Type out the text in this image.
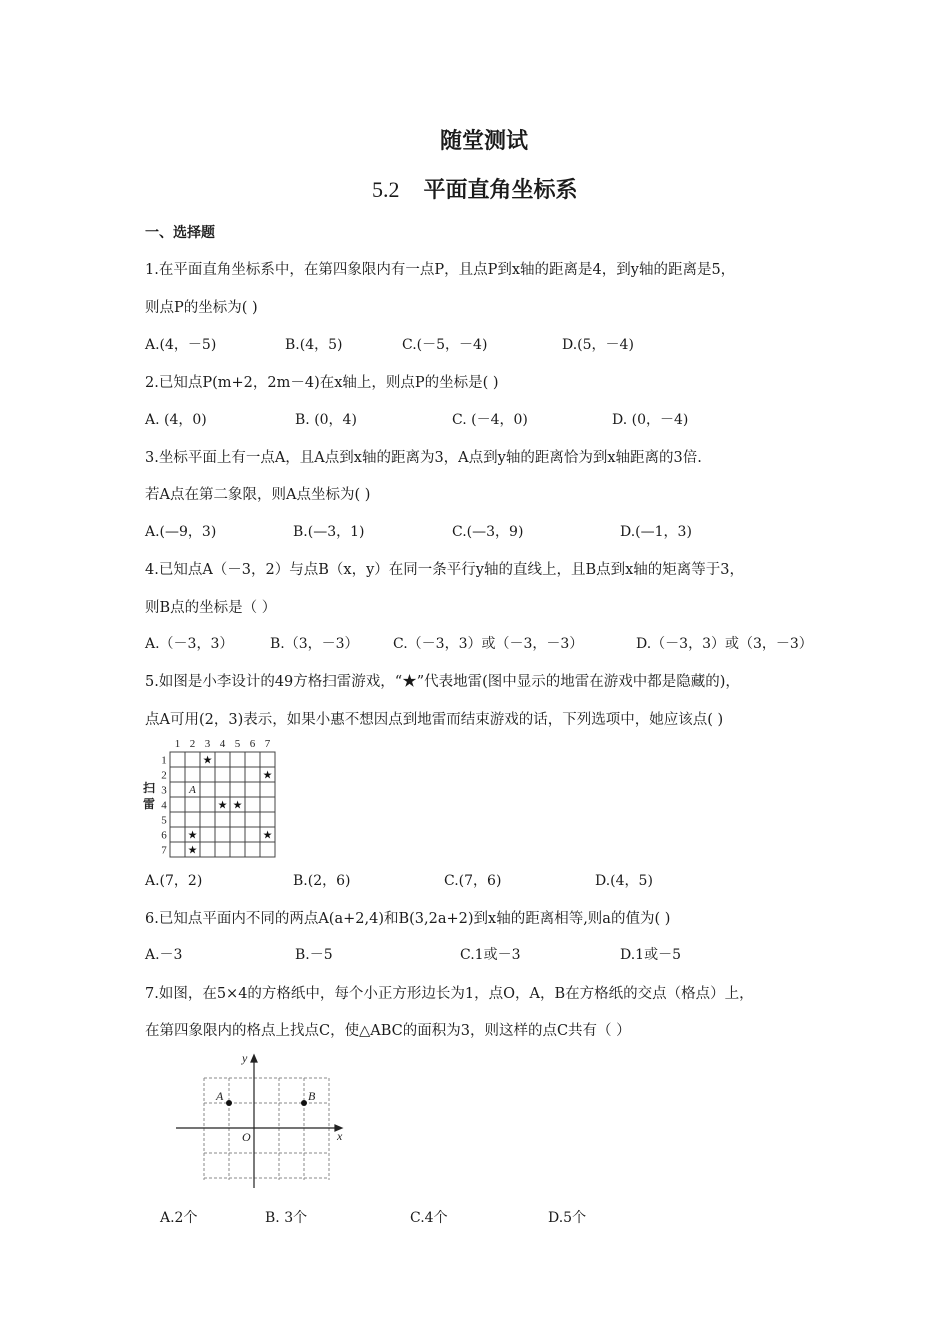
随堂测试
5.2 平面直角坐标系
一、选择题
1.在平面直角坐标系中，在第四象限内有一点P，且点P到x轴的距离是4，到y轴的距离是5，
则点P的坐标为( )
A.(4，－5)	B.(4，5)	C.(－5，－4)	D.(5，－4)
2.已知点P(m+2，2m－4)在x轴上，则点P的坐标是( )
A. (4，0)	B. (0，4)	C. (－4，0)	D. (0，－4)
3.坐标平面上有一点A，且A点到x轴的距离为3，A点到y轴的距离恰为到x轴距离的3倍.
若A点在第二象限，则A点坐标为( )
A.(—9，3)	B.(—3，1)	C.(—3，9)	D.(—1，3)
4.已知点A（－3，2）与点B（x，y）在同一条平行y轴的直线上，且B点到x轴的矩离等于3，
则B点的坐标是（ ）
A.（－3，3）	B.（3，－3） C.（－3，3）或（－3，－3）	D.（－3，3）或（3，－3）
5.如图是小李设计的49方格扫雷游戏，“★”代表地雷(图中显示的地雷在游戏中都是隐藏的)，
点A可用(2，3)表示，如果小惠不想因点到地雷而结束游戏的话，下列选项中，她应该点( )
1 2 3 4 5 6 7
1
2
3
4
5
6
7
扫
雷
A
★
★
★ ★
★	★
★
A.(7，2)	B.(2，6)	C.(7，6)	D.(4，5)
6.已知点平面内不同的两点A(a+2,4)和B(3,2a+2)到x轴的距离相等,则a的值为( )
A.－3	B.－5	C.1或－3	D.1或－5
7.如图，在5×4的方格纸中，每个小正方形边长为1，点O，A，B在方格纸的交点（格点）上，
在第四象限内的格点上找点C，使△ABC的面积为3，则这样的点C共有（ ）
x
y
O
A	B
A.2个	B. 3个	C.4个	D.5个
